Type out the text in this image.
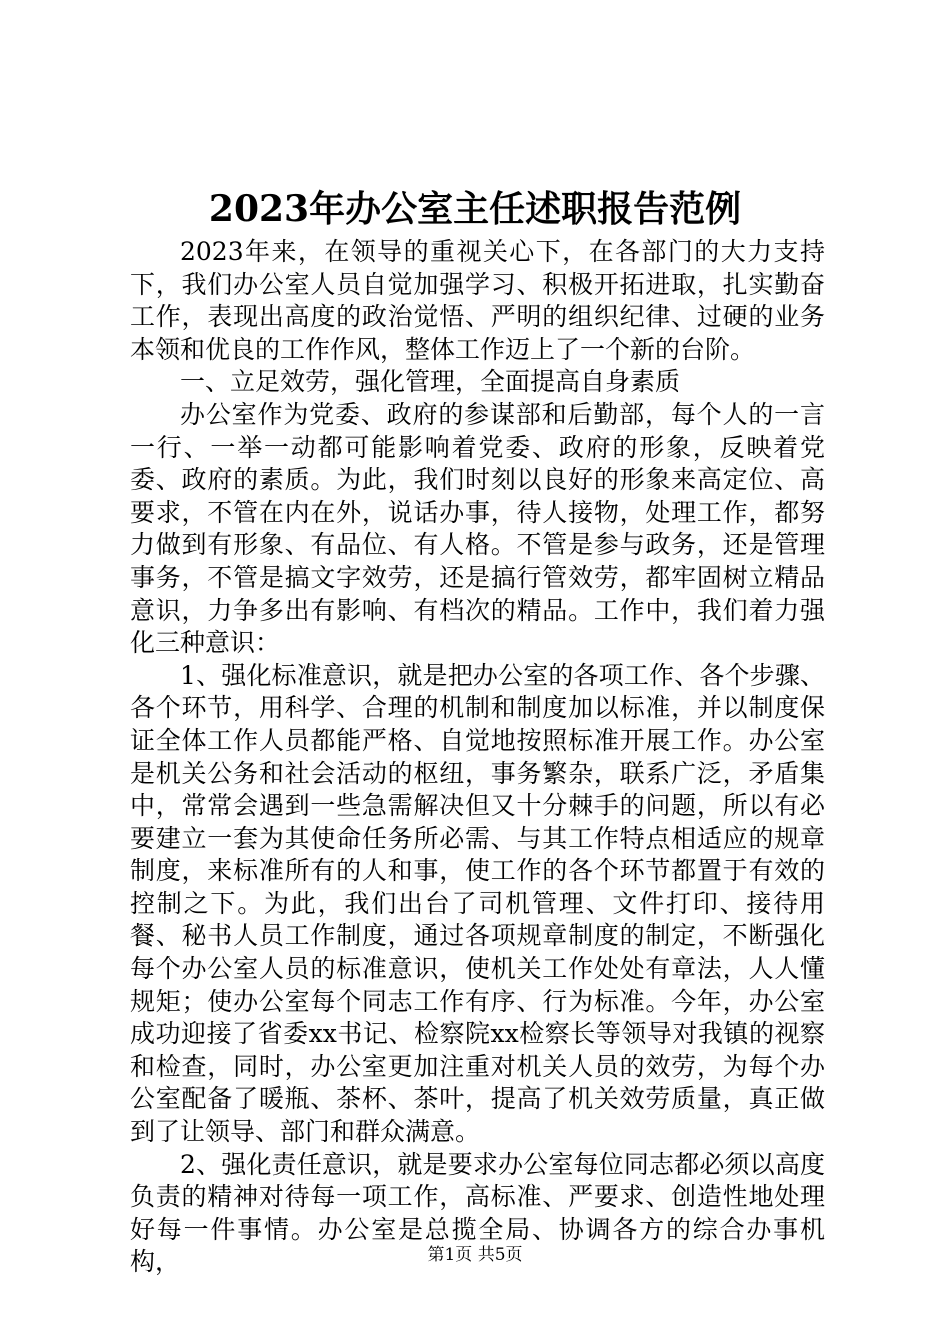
2023年办公室主任述职报告范例

2023年来，在领导的重视关心下，在各部门的大力支持下，我们办公室人员自觉加强学习、积极开拓进取，扎实勤奋工作，表现出高度的政治觉悟、严明的组织纪律、过硬的业务本领和优良的工作作风，整体工作迈上了一个新的台阶。

一、立足效劳，强化管理，全面提高自身素质

办公室作为党委、政府的参谋部和后勤部，每个人的一言一行、一举一动都可能影响着党委、政府的形象，反映着党委、政府的素质。为此，我们时刻以良好的形象来高定位、高要求，不管在内在外，说话办事，待人接物，处理工作，都努力做到有形象、有品位、有人格。不管是参与政务，还是管理事务，不管是搞文字效劳，还是搞行管效劳，都牢固树立精品意识，力争多出有影响、有档次的精品。工作中，我们着力强化三种意识：

1、强化标准意识，就是把办公室的各项工作、各个步骤、各个环节，用科学、合理的机制和制度加以标准，并以制度保证全体工作人员都能严格、自觉地按照标准开展工作。办公室是机关公务和社会活动的枢纽，事务繁杂，联系广泛，矛盾集中，常常会遇到一些急需解决但又十分棘手的问题，所以有必要建立一套为其使命任务所必需、与其工作特点相适应的规章制度，来标准所有的人和事，使工作的各个环节都置于有效的控制之下。为此，我们出台了司机管理、文件打印、接待用餐、秘书人员工作制度，通过各项规章制度的制定，不断强化每个办公室人员的标准意识，使机关工作处处有章法，人人懂规矩；使办公室每个同志工作有序、行为标准。今年，办公室成功迎接了省委xx书记、检察院xx检察长等领导对我镇的视察和检查，同时，办公室更加注重对机关人员的效劳，为每个办公室配备了暖瓶、茶杯、茶叶，提高了机关效劳质量，真正做到了让领导、部门和群众满意。

2、强化责任意识，就是要求办公室每位同志都必须以高度负责的精神对待每一项工作，高标准、严要求、创造性地处理好每一件事情。办公室是总揽全局、协调各方的综合办事机构，	第1页 共5页
